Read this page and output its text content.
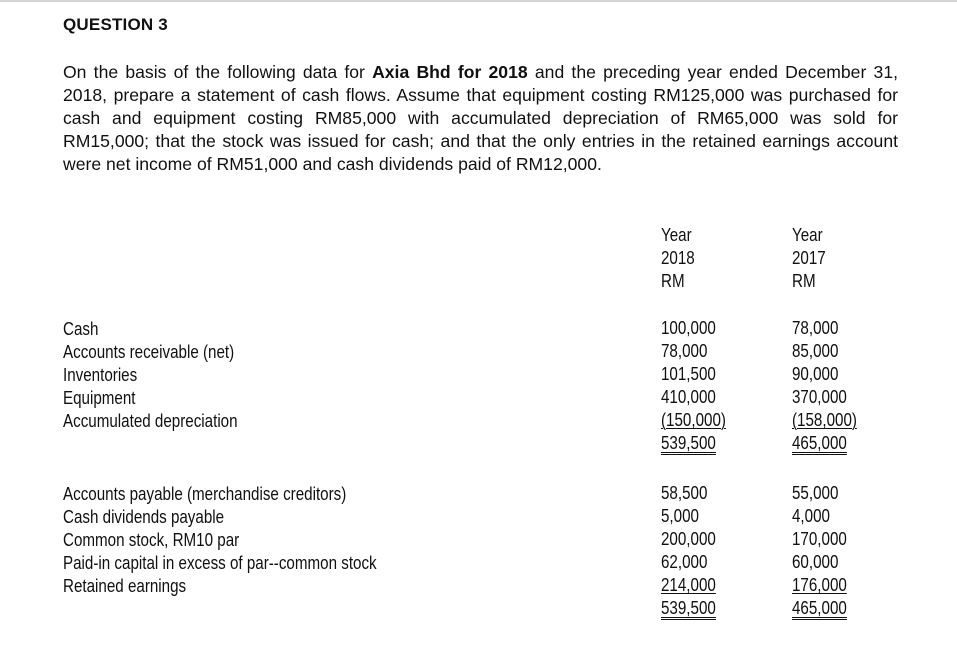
QUESTION 3
On the basis of the following data for Axia Bhd for 2018 and the preceding year ended December 31, 2018, prepare a statement of cash flows. Assume that equipment costing RM125,000 was purchased for cash and equipment costing RM85,000 with accumulated depreciation of RM65,000 was sold for RM15,000; that the stock was issued for cash; and that the only entries in the retained earnings account were net income of RM51,000 and cash dividends paid of RM12,000.
Year
2018
RM
Year
2017
RM
Cash
Accounts receivable (net)
Inventories
Equipment
Accumulated depreciation
100,000
78,000
101,500
410,000
(150,000)
539,500
78,000
85,000
90,000
370,000
(158,000)
465,000
Accounts payable (merchandise creditors)
Cash dividends payable
Common stock, RM10 par
Paid-in capital in excess of par--common stock
Retained earnings
58,500
5,000
200,000
62,000
214,000
539,500
55,000
4,000
170,000
60,000
176,000
465,000
